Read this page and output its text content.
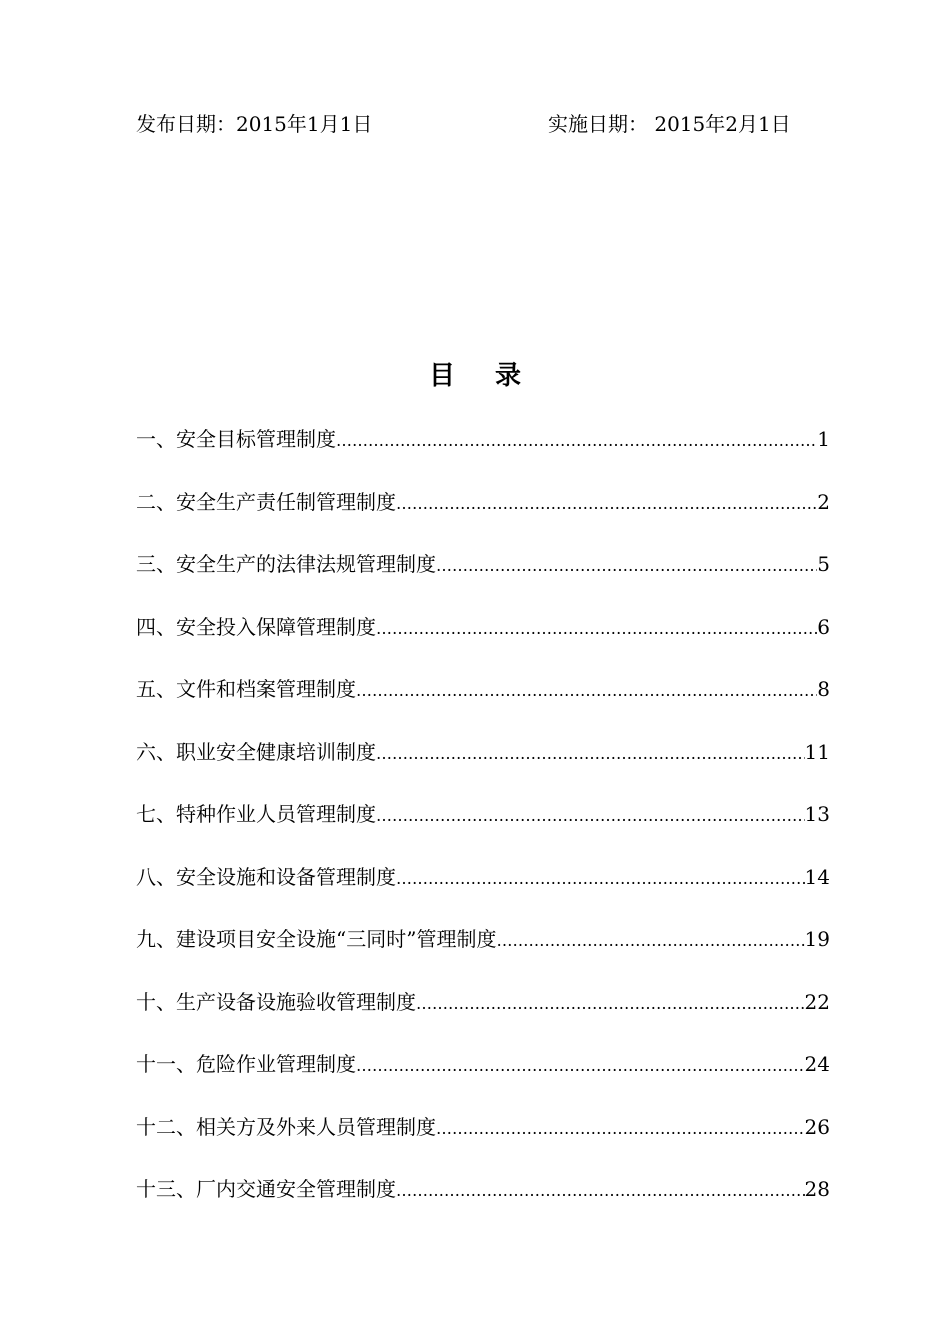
发布日期：2015年1月1日	实施日期： 2015年2月1日
目录
一、安全目标管理制度 …………………………………………………………………………………………………………………………………………………………………………	1
二、安全生产责任制管理制度 …………………………………………………………………………………………………………………………………………………………………………	2
三、安全生产的法律法规管理制度 …………………………………………………………………………………………………………………………………………………………………………	5
四、安全投入保障管理制度 …………………………………………………………………………………………………………………………………………………………………………	6
五、文件和档案管理制度 …………………………………………………………………………………………………………………………………………………………………………	8
六、职业安全健康培训制度 …………………………………………………………………………………………………………………………………………………………………………	11
七、特种作业人员管理制度 …………………………………………………………………………………………………………………………………………………………………………	13
八、安全设施和设备管理制度 …………………………………………………………………………………………………………………………………………………………………………	14
九、建设项目安全设施“三同时”管理制度 …………………………………………………………………………………………………………………………………………………………………………	19
十、生产设备设施验收管理制度 …………………………………………………………………………………………………………………………………………………………………………	22
十一、危险作业管理制度 …………………………………………………………………………………………………………………………………………………………………………	24
十二、相关方及外来人员管理制度 …………………………………………………………………………………………………………………………………………………………………………	26
十三、厂内交通安全管理制度 …………………………………………………………………………………………………………………………………………………………………………	28
